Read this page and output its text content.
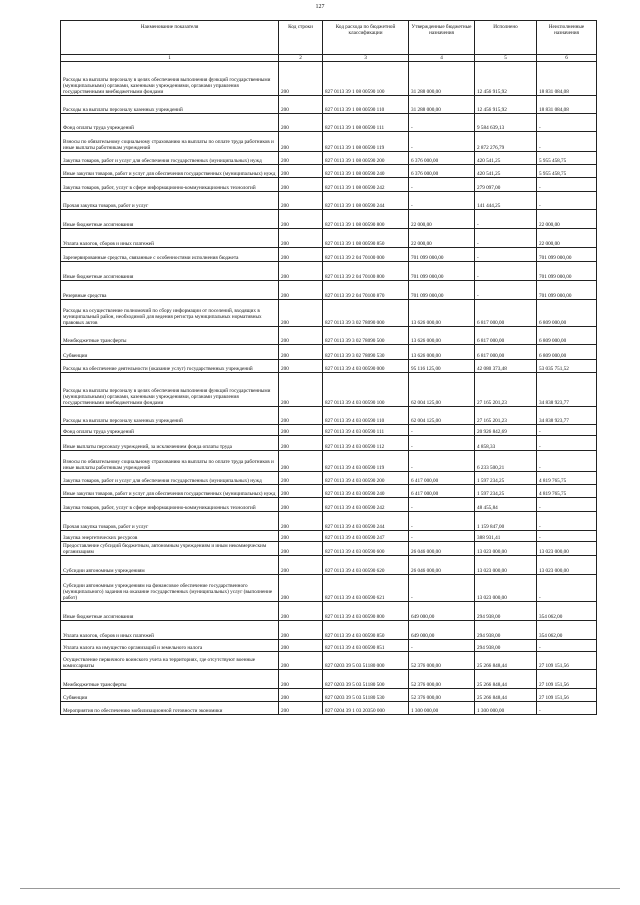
127
Наименование показателя	Код строки	Код расхода по бюджетной классификации	Утвержденные бюджетные назначения	Исполнено	Неисполненные назначения
1	2	3	4	5	6
Расходы на выплаты персоналу в целях обеспечения выполнения функций государственными (муниципальными) органами, казенными учреждениями, органами управления государственными внебюджетными фондами	200	827 0113 39 1 08 00590 100	31 288 000,00	12 456 915,92	18 831 084,08
Расходы на выплаты персоналу казенных учреждений	200	827 0113 39 1 08 00590 110	31 288 000,00	12 456 915,92	18 831 084,08
Фонд оплаты труда учреждений	200	827 0113 39 1 08 00590 111	-	9 584 639,13	-
Взносы по обязательному социальному страхованию на выплаты по оплате труда работников и иные выплаты работникам учреждений	200	827 0113 39 1 08 00590 119	-	2 872 276,79	-
Закупка товаров, работ и услуг для обеспечения государственных (муниципальных) нужд	200	827 0113 39 1 08 00590 200	6 376 000,00	420 541,25	5 955 458,75
Иные закупки товаров, работ и услуг для обеспечения государственных (муниципальных) нужд	200	827 0113 39 1 08 00590 240	6 376 000,00	420 541,25	5 955 458,75
Закупка товаров, работ, услуг в сфере информационно-коммуникационных технологий	200	827 0113 39 1 08 00590 242	-	279 097,00	-
Прочая закупка товаров, работ и услуг	200	827 0113 39 1 08 00590 244	-	141 444,25	-
Иные бюджетные ассигнования	200	827 0113 39 1 08 00590 800	22 000,00	-	22 000,00
Уплата налогов, сборов и иных платежей	200	827 0113 39 1 08 00590 850	22 000,00	-	22 000,00
Зарезервированные средства, связанные с особенностями исполнения бюджета	200	827 0113 39 2 04 70100 000	701 099 000,00	-	701 099 000,00
Иные бюджетные ассигнования	200	827 0113 39 2 04 70100 800	701 099 000,00	-	701 099 000,00
Резервные средства	200	827 0113 39 2 04 70100 870	701 099 000,00	-	701 099 000,00
Расходы на осуществление полномочий по сбору информации от поселений, входящих в муниципальный район, необходимой для ведения регистра муниципальных нормативных правовых актов	200	827 0113 39 3 02 78090 000	13 626 000,00	6 817 000,00	6 809 000,00
Межбюджетные трансферты	200	827 0113 39 3 02 78090 500	13 626 000,00	6 817 000,00	6 809 000,00
Субвенции	200	827 0113 39 3 02 78090 530	13 626 000,00	6 817 000,00	6 809 000,00
Расходы на обеспечение деятельности (оказание услуг) государственных учреждений	200	827 0113 39 4 03 00590 000	95 116 125,00	42 080 373,48	53 035 751,52
Расходы на выплаты персоналу в целях обеспечения выполнения функций государственными (муниципальными) органами, казенными учреждениями, органами управления государственными внебюджетными фондами	200	827 0113 39 4 03 00590 100	62 004 125,00	27 165 201,23	34 838 923,77
Расходы на выплаты персоналу казенных учреждений	200	827 0113 39 4 03 00590 110	62 004 125,00	27 165 201,23	34 838 923,77
Фонд оплаты труда учреждений	200	827 0113 39 4 03 00590 111	-	20 926 842,69	-
Иные выплаты персоналу учреждений, за исключением фонда оплаты труда	200	827 0113 39 4 03 00590 112	-	4 858,33	-
Взносы по обязательному социальному страхованию на выплаты по оплате труда работников и иные выплаты работникам учреждений	200	827 0113 39 4 03 00590 119	-	6 233 500,21	-
Закупка товаров, работ и услуг для обеспечения государственных (муниципальных) нужд	200	827 0113 39 4 03 00590 200	6 417 000,00	1 597 234,25	4 819 765,75
Иные закупки товаров, работ и услуг для обеспечения государственных (муниципальных) нужд	200	827 0113 39 4 03 00590 240	6 417 000,00	1 597 234,25	4 819 765,75
Закупка товаров, работ, услуг в сфере информационно-коммуникационных технологий	200	827 0113 39 4 03 00590 242	-	48 455,84	-
Прочая закупка товаров, работ и услуг	200	827 0113 39 4 03 00590 244	-	1 159 847,00	-
Закупка энергетических ресурсов	200	827 0113 39 4 03 00590 247	-	388 931,41	-
Предоставление субсидий бюджетным, автономным учреждениям и иным некоммерческим организациям	200	827 0113 39 4 03 00590 600	26 046 000,00	13 023 000,00	13 023 000,00
Субсидии автономным учреждениям	200	827 0113 39 4 03 00590 620	26 046 000,00	13 023 000,00	13 023 000,00
Субсидии автономным учреждениям на финансовое обеспечение государственного (муниципального) задания на оказание государственных (муниципальных) услуг (выполнение работ)	200	827 0113 39 4 03 00590 621	-	13 023 000,00	-
Иные бюджетные ассигнования	200	827 0113 39 4 03 00590 800	649 000,00	294 938,00	354 062,00
Уплата налогов, сборов и иных платежей	200	827 0113 39 4 03 00590 850	649 000,00	294 938,00	354 062,00
Уплата налога на имущество организаций и земельного налога	200	827 0113 39 4 03 00590 851	-	294 938,00	-
Осуществление первичного воинского учета на территориях, где отсутствуют военные комиссариаты	200	827 0203 39 5 03 51180 000	52 376 000,00	25 266 848,44	27 109 151,56
Межбюджетные трансферты	200	827 0203 39 5 03 51180 500	52 376 000,00	25 266 848,44	27 109 151,56
Субвенции	200	827 0203 39 5 03 51180 530	52 376 000,00	25 266 848,44	27 109 151,56
Мероприятия по обеспечению мобилизационной готовности экономики	200	827 0204 39 1 03 20350 000	1 300 000,00	1 300 000,00	-
